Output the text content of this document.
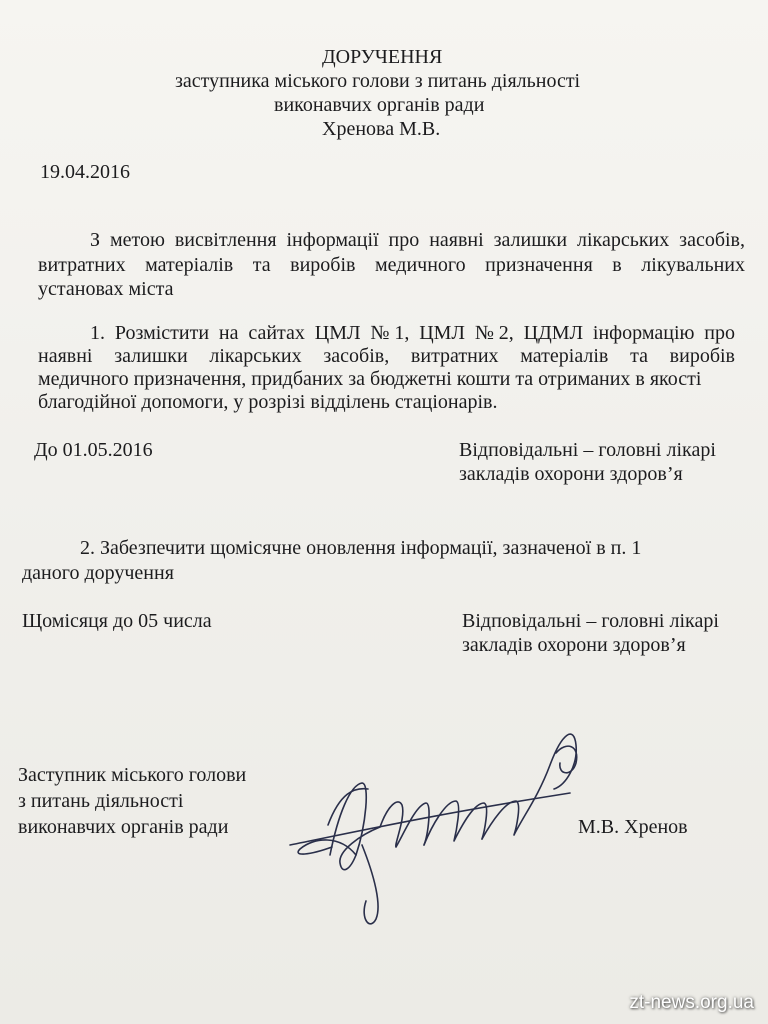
ДОРУЧЕННЯ
заступника міського голови з питань діяльності
виконавчих органів ради
Хренова М.В.
19.04.2016
З метою висвітлення інформації про наявні залишки лікарських засобів,
витратних матеріалів та виробів медичного призначення в лікувальних
установах міста
1. Розмістити на сайтах ЦМЛ №1, ЦМЛ №2, ЦДМЛ інформацію про
наявні залишки лікарських засобів, витратних матеріалів та виробів
медичного призначення, придбаних за бюджетні кошти та отриманих в якості
благодійної допомоги, у розрізі відділень стаціонарів.
До 01.05.2016	Відповідальні – головні лікарі
закладів охорони здоров’я
2. Забезпечити щомісячне оновлення інформації, зазначеної в п. 1
даного доручення
Щомісяця до 05 числа	Відповідальні – головні лікарі
закладів охорони здоров’я
Заступник міського голови
з питань діяльності
виконавчих органів ради	М.В. Хренов
zt-news.org.ua
